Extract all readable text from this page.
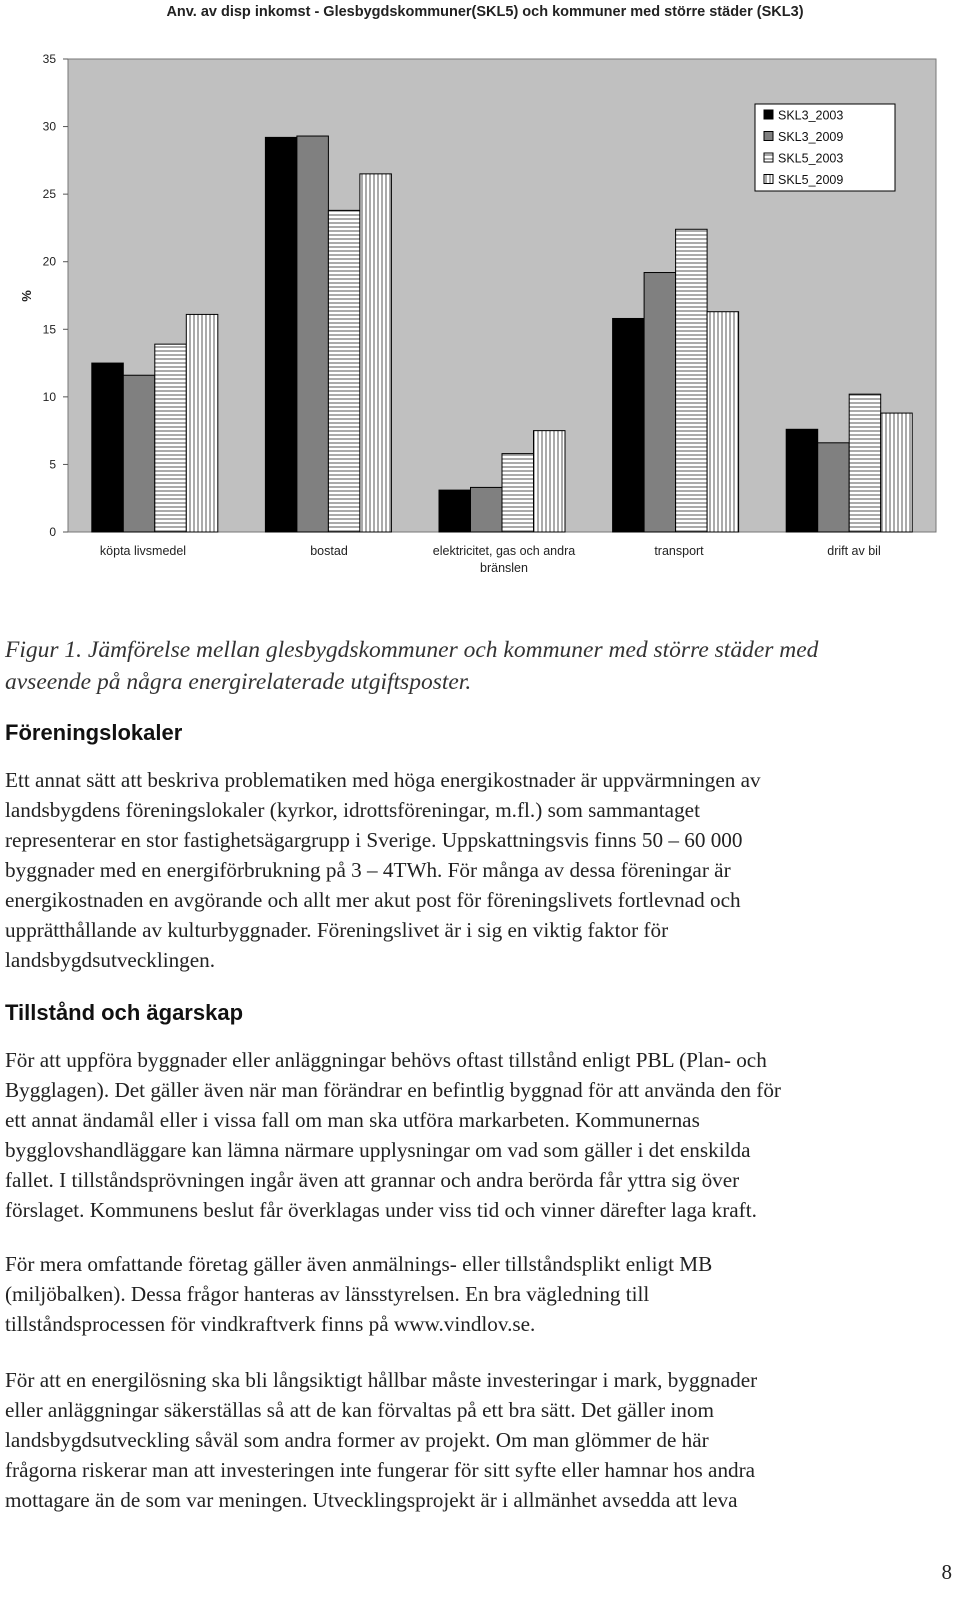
Anv. av disp inkomst - Glesbygdskommuner(SKL5) och kommuner med större städer (SKL3)
0
5
10
15
20
25
30
35
%
köpta livsmedel	bostad	elektricitet, gas och andra
bränslen
transport	drift av bil
SKL3_2003
SKL3_2009
SKL5_2003
SKL5_2009
Figur 1. Jämförelse mellan glesbygdskommuner och kommuner med större städer med
avseende på några energirelaterade utgiftsposter.
Föreningslokaler
Ett annat sätt att beskriva problematiken med höga energikostnader är uppvärmningen av
landsbygdens föreningslokaler (kyrkor, idrottsföreningar, m.fl.) som sammantaget
representerar en stor fastighetsägargrupp i Sverige. Uppskattningsvis finns 50 – 60 000
byggnader med en energiförbrukning på 3 – 4TWh. För många av dessa föreningar är
energikostnaden en avgörande och allt mer akut post för föreningslivets fortlevnad och
upprätthållande av kulturbyggnader. Föreningslivet är i sig en viktig faktor för
landsbygdsutvecklingen.
Tillstånd och ägarskap
För att uppföra byggnader eller anläggningar behövs oftast tillstånd enligt PBL (Plan- och
Bygglagen). Det gäller även när man förändrar en befintlig byggnad för att använda den för
ett annat ändamål eller i vissa fall om man ska utföra markarbeten. Kommunernas
bygglovshandläggare kan lämna närmare upplysningar om vad som gäller i det enskilda
fallet. I tillståndsprövningen ingår även att grannar och andra berörda får yttra sig över
förslaget. Kommunens beslut får överklagas under viss tid och vinner därefter laga kraft.
För mera omfattande företag gäller även anmälnings- eller tillståndsplikt enligt MB
(miljöbalken). Dessa frågor hanteras av länsstyrelsen. En bra vägledning till
tillståndsprocessen för vindkraftverk finns på www.vindlov.se.
För att en energilösning ska bli långsiktigt hållbar måste investeringar i mark, byggnader
eller anläggningar säkerställas så att de kan förvaltas på ett bra sätt. Det gäller inom
landsbygdsutveckling såväl som andra former av projekt. Om man glömmer de här
frågorna riskerar man att investeringen inte fungerar för sitt syfte eller hamnar hos andra
mottagare än de som var meningen. Utvecklingsprojekt är i allmänhet avsedda att leva
8
